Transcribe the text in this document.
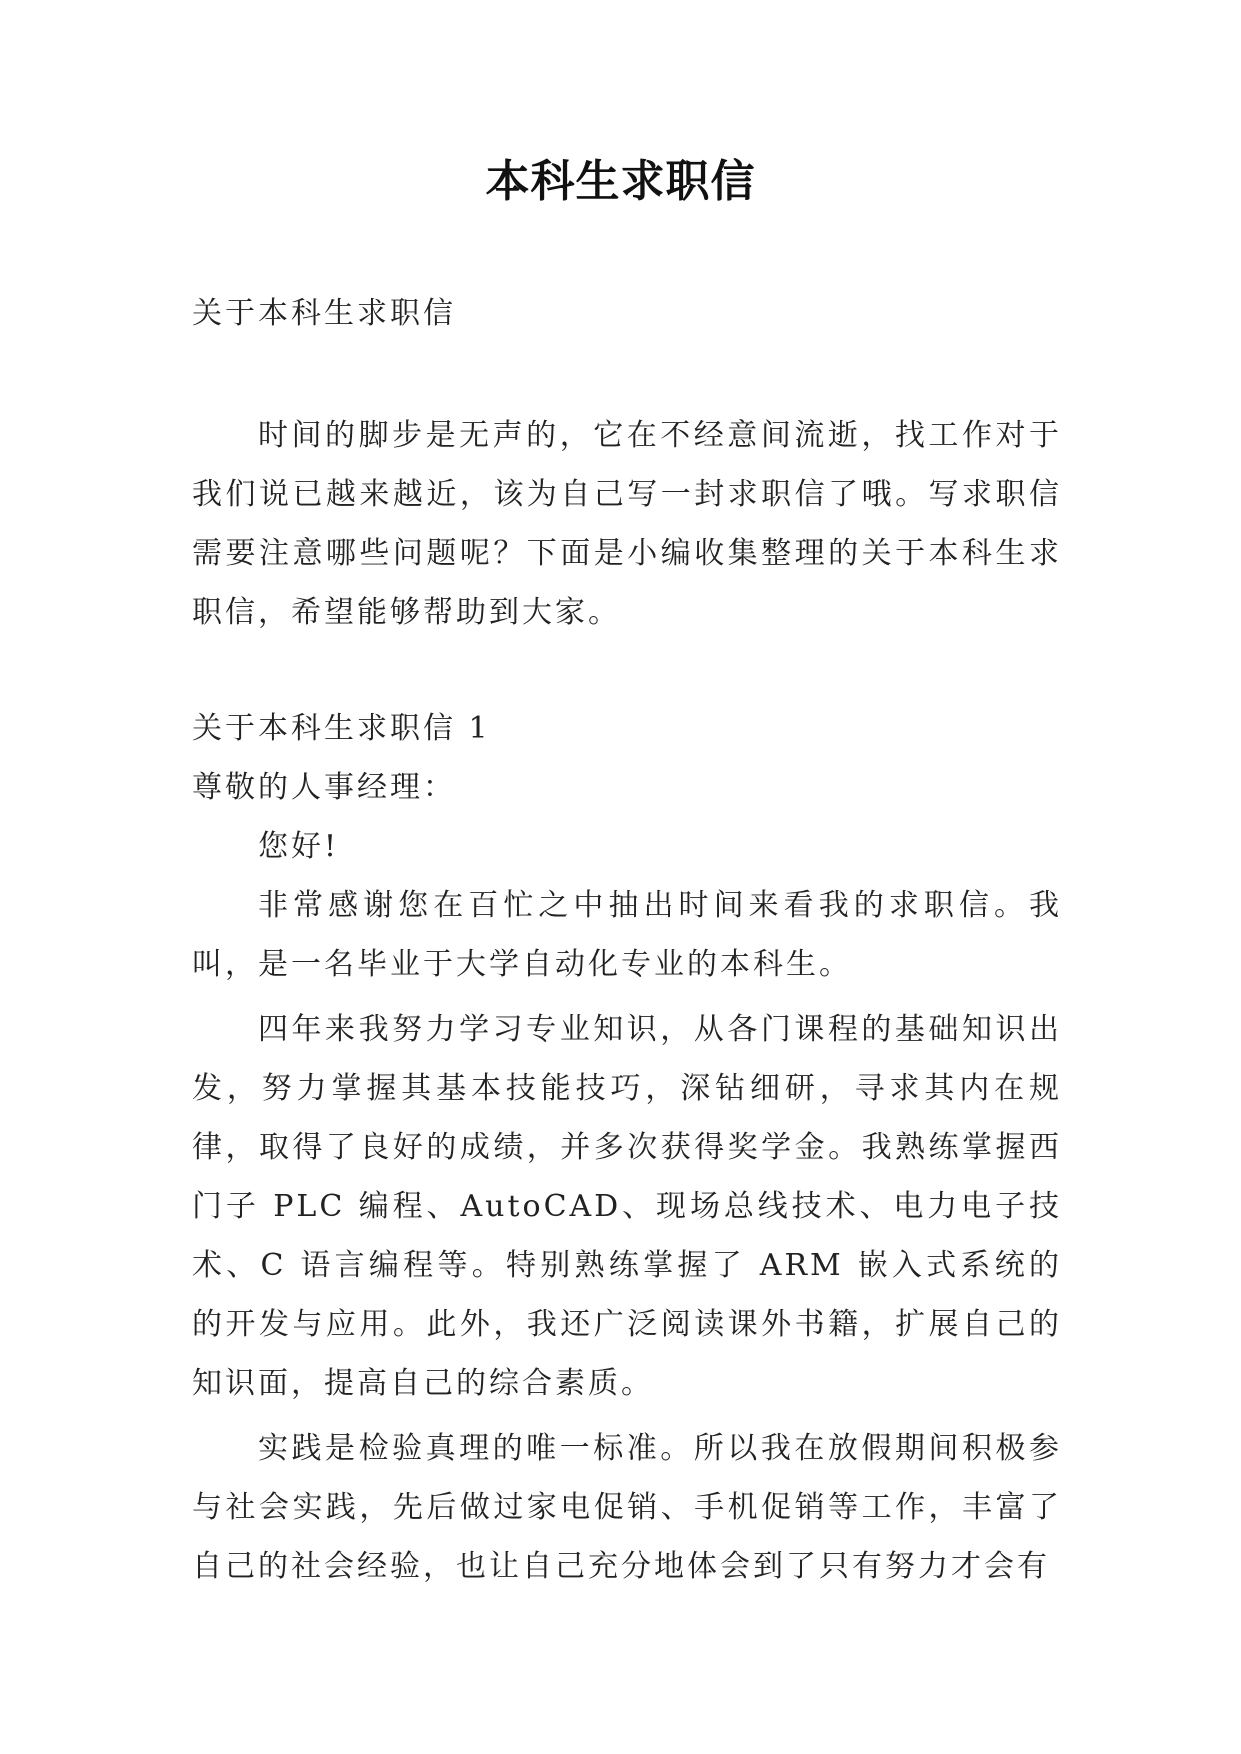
本科生求职信
关于本科生求职信
时间的脚步是无声的，它在不经意间流逝，找工作对于我们说已越来越近，该为自己写一封求职信了哦。写求职信需要注意哪些问题呢？下面是小编收集整理的关于本科生求职信，希望能够帮助到大家。

关于本科生求职信 1

尊敬的人事经理：

您好!

非常感谢您在百忙之中抽出时间来看我的求职信。我叫，是一名毕业于大学自动化专业的本科生。

四年来我努力学习专业知识，从各门课程的基础知识出发，努力掌握其基本技能技巧，深钻细研，寻求其内在规律，取得了良好的成绩，并多次获得奖学金。我熟练掌握西门子 PLC 编程、AutoCAD、现场总线技术、电力电子技术、C 语言编程等。特别熟练掌握了 ARM 嵌入式系统的的开发与应用。此外，我还广泛阅读课外书籍，扩展自己的知识面，提高自己的综合素质。

实践是检验真理的唯一标准。所以我在放假期间积极参与社会实践，先后做过家电促销、手机促销等工作，丰富了自己的社会经验，也让自己充分地体会到了只有努力才会有
